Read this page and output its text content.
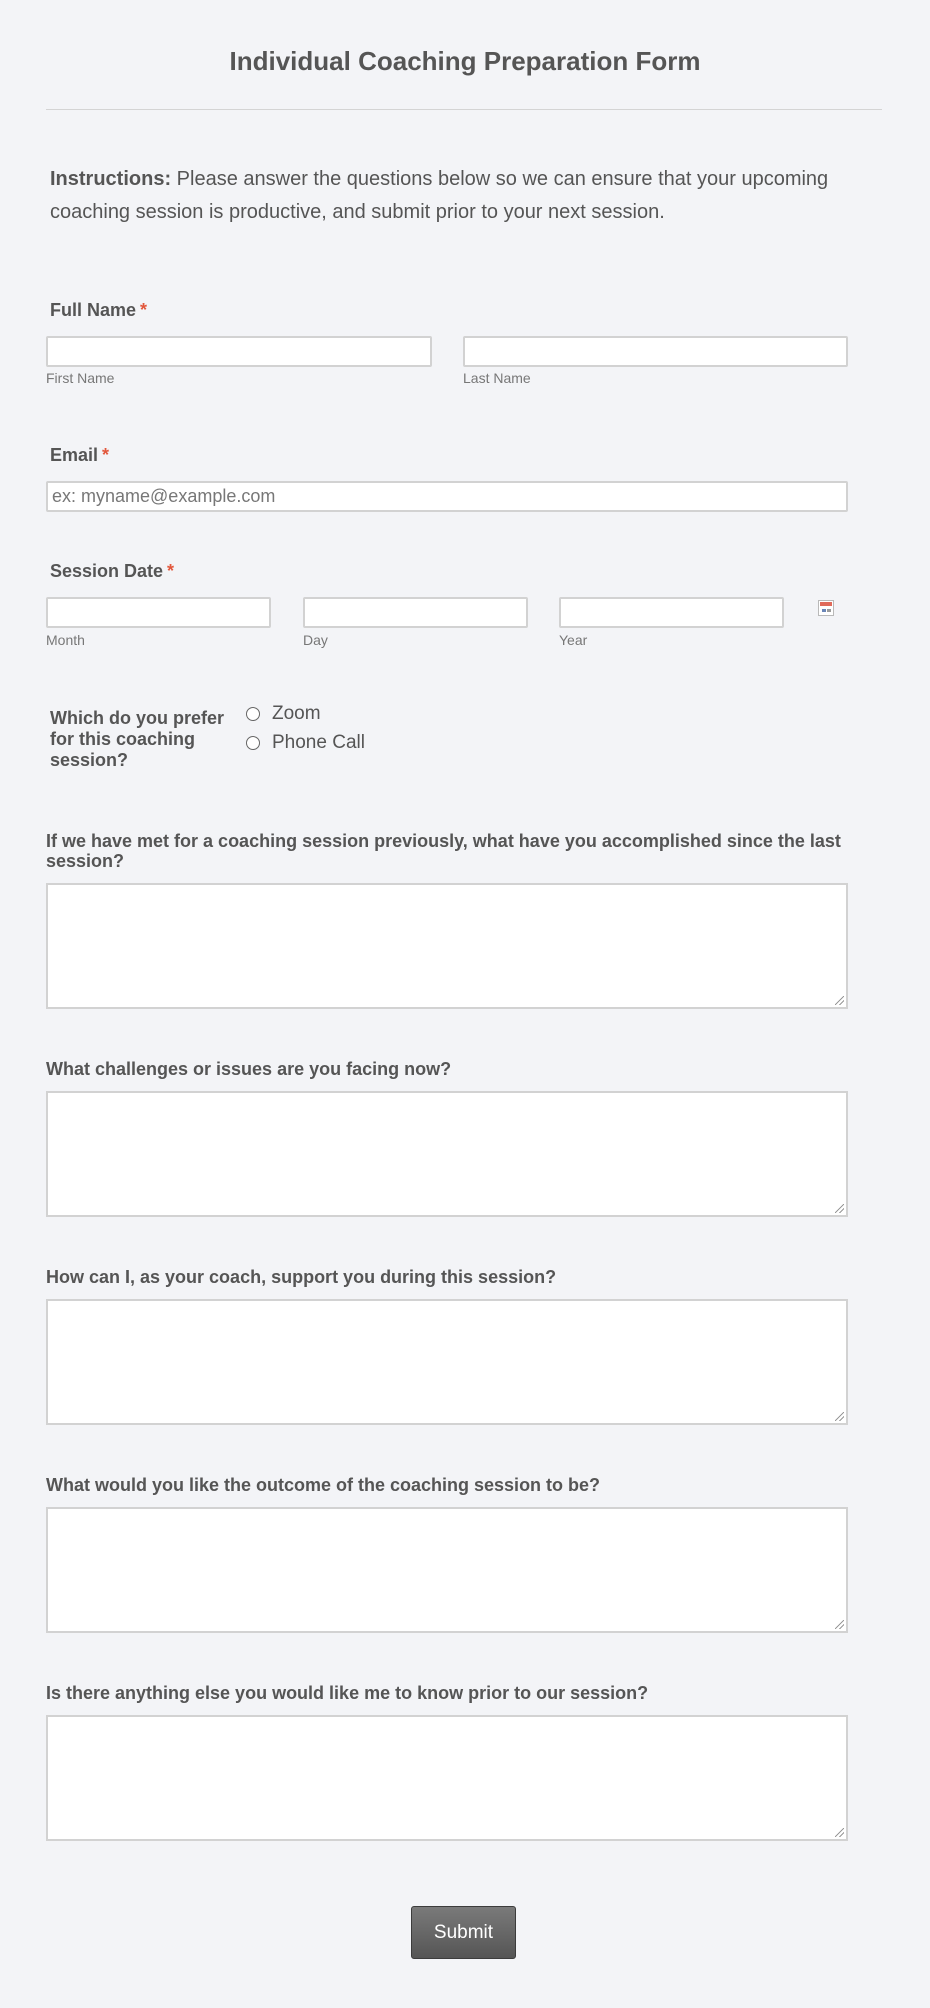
Individual Coaching Preparation Form
Instructions: Please answer the questions below so we can ensure that your upcoming coaching session is productive, and submit prior to your next session.
Full Name *
First Name	Last Name
Email *
ex: myname@example.com
Session Date *
Month	Day	Year
Which do you prefer for this coaching session?
Zoom
Phone Call
If we have met for a coaching session previously, what have you accomplished since the last session?
What challenges or issues are you facing now?
How can I, as your coach, support you during this session?
What would you like the outcome of the coaching session to be?
Is there anything else you would like me to know prior to our session?
Submit
